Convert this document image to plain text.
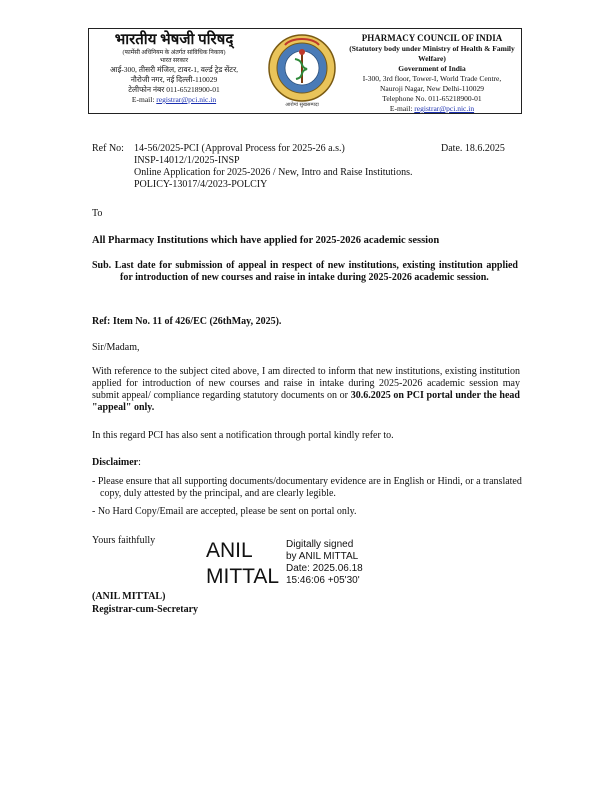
भारतीय भेषजी परिषद्
(फार्मेसी अधिनियम के अंतर्गत सांविधिक निकाय)
भारत सरकार
आई-300, तीसरी मंजिल, टावर-1, वर्ल्ड ट्रेड सेंटर,
नौरोजी नगर, नई दिल्ली-110029
टेलीफोन नंबर 011-65218900-01
E-mail: registrar@pci.nic.in
आरोग्यं सुखसम्पदा
PHARMACY COUNCIL OF INDIA
(Statutory body under Ministry of Health & Family Welfare)
Government of India
I-300, 3rd floor, Tower-I, World Trade Centre,
Nauroji Nagar, New Delhi-110029
Telephone No. 011-65218900-01
E-mail: registrar@pci.nic.in
Ref No: 14-56/2025-PCI (Approval Process for 2025-26 a.s.)
INSP-14012/1/2025-INSP
Online Application for 2025-2026 / New, Intro and Raise Institutions.
POLICY-13017/4/2023-POLCIY
Date. 18.6.2025
To
All Pharmacy Institutions which have applied for 2025-2026 academic session
Sub. Last date for submission of appeal in respect of new institutions, existing institution applied for introduction of new courses and raise in intake during 2025-2026 academic session.
Ref: Item No. 11 of 426/EC (26thMay, 2025).
Sir/Madam,
With reference to the subject cited above, I am directed to inform that new institutions, existing institution applied for introduction of new courses and raise in intake during 2025-2026 academic session may submit appeal/ compliance regarding statutory documents on or 30.6.2025 on PCI portal under the head "appeal" only.
In this regard PCI has also sent a notification through portal kindly refer to.
Disclaimer:
- Please ensure that all supporting documents/documentary evidence are in English or Hindi, or a translated copy, duly attested by the principal, and are clearly legible.
- No Hard Copy/Email are accepted, please be sent on portal only.
Yours faithfully ANIL
MITTAL
Digitally signed
by ANIL MITTAL
Date: 2025.06.18
15:46:06 +05'30'
(ANIL MITTAL)
Registrar-cum-Secretary
